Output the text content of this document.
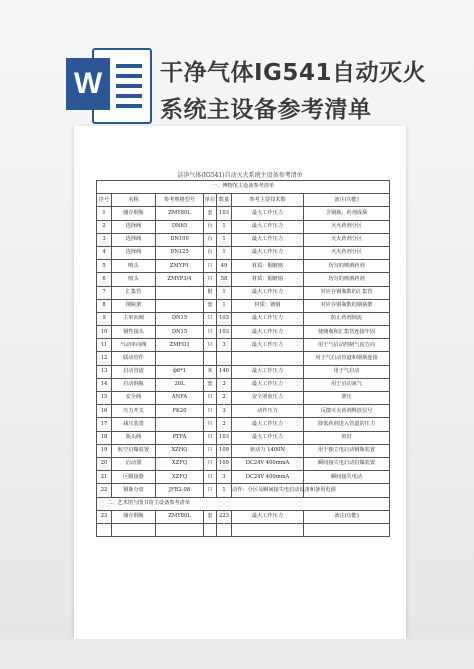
W	干净气体IG541自动灭火
系统主设备参考清单
洁净气体(IG541)自动灭火系统主设备参考清单
一、博物馆主设备参考清单						
序号	名称	参考规格型号	单位	数量	参考主要技术数	备注(功能)
1	储存钢瓶	ZMY80L	套	103	最大工作压力	含钢瓶、药剂成瓶
2	选择阀	DN65	台	1	最大工作压力	灭火药剂分区
3	选择阀	DN100	台	1	最大工作压力	灭火药剂分区
4	选择阀	DN125	台	1	最大工作压力	灭火药剂分区
5	喷头	ZMYP1	只	49	材质：铜镀铬	均匀的喷洒药剂
6	喷头	ZMYP3/4	只	58	材质：铜镀铬	均匀的喷洒药剂
7	汇集管		根	1	最大工作压力	对应存钢瓶数的汇集管
8	钢瓶架		套	1	材质：镀钢	对应存钢瓶数的钢瓶架
9	主单向阀	DN15	只	103	最大工作压力	防止药剂倒流
10	钢性接头	DN15	只	103	最大工作压力	使储瓶和汇集管连接牢固
11	气动单向阀	ZMFD3	只	3	最大工作压力	用于气启动控制气流方向
12	联动管件					用于气启动管道和钢瓶连接
13	启动管道	ф6*1	米	140	最大工作压力	用于气启动
14	启动钢瓶	20L	套	3	最大工作压力	用于启动氮气
15	安全阀	ANFA	只	2	安全泄放压力	泄压
16	压力开关	FK20	只	3	动作压力	反馈灭火药剂释放信号
17	减压装置		只	3	最大工作压力	降低药剂进入管道的压力
18	瓶头阀	PTFA	只	103	最大工作压力	密封
19	航空启爆装置	XZHQ	只	109	驱动力 1400N	用于独立电启动钢瓶装置
20	启动器	XZFQ	只	109	DC24V 400mmA	瞬间接失电启动启爆装置
21	区膜接器	XZFQ	只	3	DC24V 400mmA	瞬间接失电动
22	钢瓶分盘	JFB2-08	只	1	动作：分区及瞬间接失电启动设备和备用电源	
二、艺术馆与图书馆主设备参考清单						
23	储存钢瓶	ZMY80L	套	223	最大工作压力	备注(功能)
